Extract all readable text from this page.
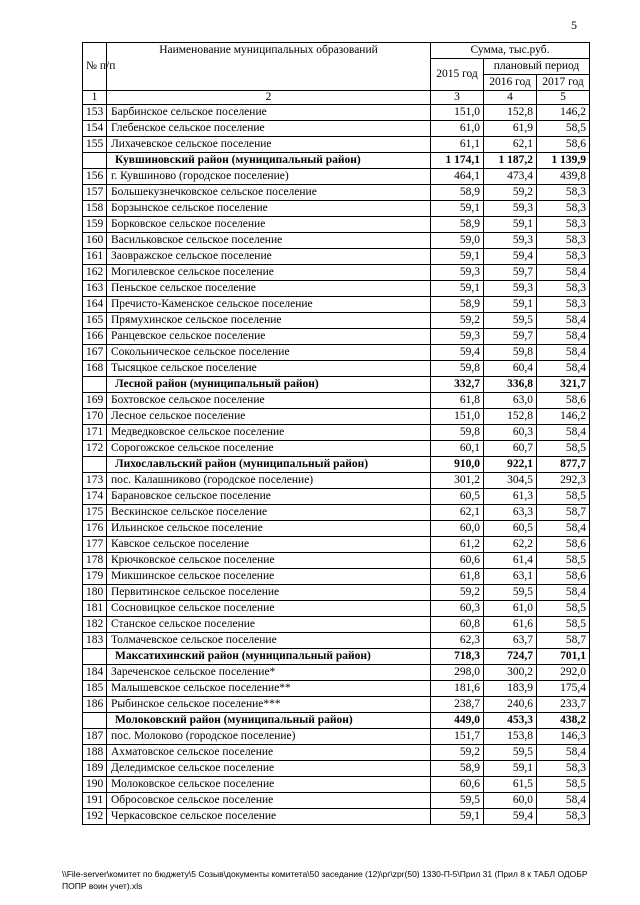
5
№ п/п	Наименование муниципальных образований	Сумма, тыс.руб.		
		2015 год	плановый период	
			2016 год	2017 год
1	2	3	4	5
153	Барбинское сельское поселение	151,0	152,8	146,2
154	Глебенское сельское поселение	61,0	61,9	58,5
155	Лихачевское сельское поселение	61,1	62,1	58,6
	Кувшиновский район (муниципальный район)	1 174,1	1 187,2	1 139,9
156	г. Кувшиново (городское поселение)	464,1	473,4	439,8
157	Большекузнечковское сельское поселение	58,9	59,2	58,3
158	Борзынское сельское поселение	59,1	59,3	58,3
159	Борковское сельское поселение	58,9	59,1	58,3
160	Васильковское сельское поселение	59,0	59,3	58,3
161	Заовражское сельское поселение	59,1	59,4	58,3
162	Могилевское сельское поселение	59,3	59,7	58,4
163	Пеньское сельское поселение	59,1	59,3	58,3
164	Пречисто-Каменское сельское поселение	58,9	59,1	58,3
165	Прямухинское сельское поселение	59,2	59,5	58,4
166	Ранцевское сельское поселение	59,3	59,7	58,4
167	Сокольническое сельское поселение	59,4	59,8	58,4
168	Тысяцкое сельское поселение	59,8	60,4	58,4
	Лесной район (муниципальный район)	332,7	336,8	321,7
169	Бохтовское сельское поселение	61,8	63,0	58,6
170	Лесное сельское поселение	151,0	152,8	146,2
171	Медведковское сельское поселение	59,8	60,3	58,4
172	Сорогожское сельское поселение	60,1	60,7	58,5
	Лихославльский район (муниципальный район)	910,0	922,1	877,7
173	пос. Калашниково (городское поселение)	301,2	304,5	292,3
174	Барановское сельское поселение	60,5	61,3	58,5
175	Вескинское сельское поселение	62,1	63,3	58,7
176	Ильинское сельское поселение	60,0	60,5	58,4
177	Кавское сельское поселение	61,2	62,2	58,6
178	Крючковское сельское поселение	60,6	61,4	58,5
179	Микшинское сельское поселение	61,8	63,1	58,6
180	Первитинское сельское поселение	59,2	59,5	58,4
181	Сосновицкое сельское поселение	60,3	61,0	58,5
182	Станское сельское поселение	60,8	61,6	58,5
183	Толмачевское сельское поселение	62,3	63,7	58,7
	Максатихинский район (муниципальный район)	718,3	724,7	701,1
184	Зареченское сельское поселение*	298,0	300,2	292,0
185	Малышевское сельское поселение**	181,6	183,9	175,4
186	Рыбинское сельское поселение***	238,7	240,6	233,7
	Молоковский район (муниципальный район)	449,0	453,3	438,2
187	пос. Молоково (городское поселение)	151,7	153,8	146,3
188	Ахматовское сельское поселение	59,2	59,5	58,4
189	Деледимское сельское поселение	58,9	59,1	58,3
190	Молоковское сельское поселение	60,6	61,5	58,5
191	Обросовское сельское поселение	59,5	60,0	58,4
192	Черкасовское сельское поселение	59,1	59,4	58,3
\\File-server\комитет по бюджету\5 Созыв\документы комитета\50 заседание (12)\рг\zpr(50) 1330-П-5\Прил 31 (Прил 8 к ТАБЛ ОДОБР ПОПР воин учет).xls
